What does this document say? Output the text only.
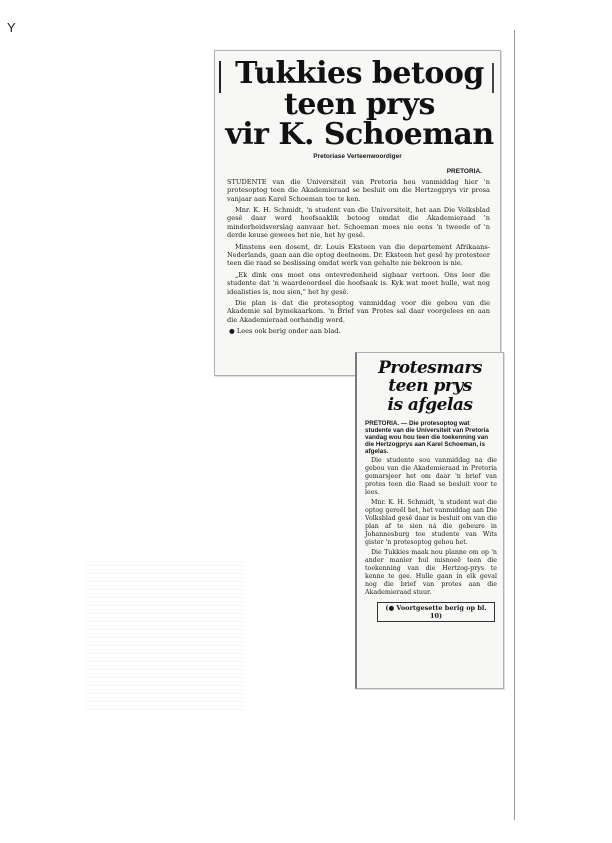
Y
Tukkies betoog
teen prys
vir K. Schoeman
Pretoriase Verteenwoordiger
PRETORIA.

STUDENTE van die Universiteit van Pretoria hou vanmiddag hier 'n protesoptog teen die Akademieraad se besluit om die Hertzogprys vir prosa vanjaar aan Karel Schoeman toe te ken.

Mnr. K. H. Schmidt, 'n student van die Universiteit, het aan Die Volksblad gesê daar word hoofsaaklik betoog omdat die Akademieraad 'n minderheidsverslag aanvaar het. Schoeman moes nie eens 'n tweede of 'n derde keuse gewees het nie, het hy gesê.

Minstens een dosent, dr. Louis Eksteen van die departement Afrikaans-Nederlands, gaan aan die optog deelneem. Dr. Eksteen het gesê hy protesteer teen die raad se beslissing omdat werk van gehalte nie bekroon is nie.

„Ek dink ons moet ons ontevredenheid sigbaar vertoon. Ons leer die studente dat 'n waardeoordeel die hoofsaak is. Kyk wat moet hulle, wat nog idealisties is, nou sien," het hy gesê.

Die plan is dat die protesoptog vanmiddag voor die gebou van die Akademie sal bymekaarkom. 'n Brief van Protes sal daar voorgelees en aan die Akademieraad oorhandig word.

● Lees ook berig onder aan blad.
Protesmars
teen prys
is afgelas
PRETORIA. — Die protesoptog wat studente van die Universiteit van Pretoria vandag wou hou teen die toekenning van die Hertzogprys aan Karel Schoeman, is afgelas.

Die studente sou vanmiddag na die gebou van die Akademieraad in Pretoria gemarsjeer het om daar 'n brief van protes teen die Raad se besluit voor te lees.

Mnr. K. H. Schmidt, 'n student wat die optog gereël het, het vanmiddag aan Die Volksblad gesê daar is besluit om van die plan af te sien ná die gebeure in Johannesburg toe studente van Wits gister 'n protesoptog gehou het.

Die Tukkies maak nou planne om op 'n ander manier hul misnoeë teen die toekenning van die Hertzog-prys te kenne te gee. Hulle gaan in elk geval nog die brief van protes aan die Akademieraad stuur.

(● Voortgesette berig op bl. 10)
